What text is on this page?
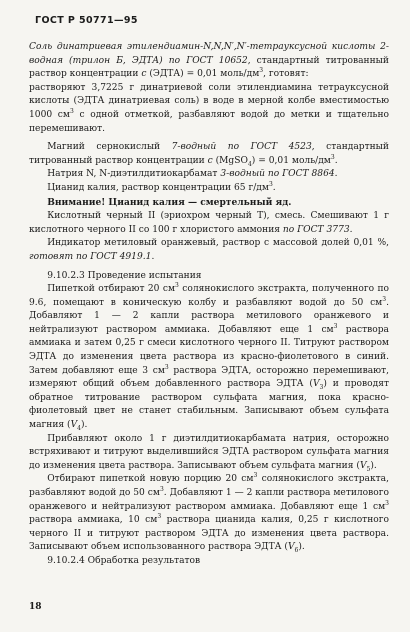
ГОСТ Р 50771—95

Соль динатриевая этилендиамин-N,N,N′,N′-тетрауксусной кислоты 2-водная (трилон Б, ЭДТА) по ГОСТ 10652, стандартный титрованный раствор концентрации c (ЭДТА) = 0,01 моль/$дм^3$, готовят:

растворяют 3,7225 г динатриевой соли этилендиамина тетрауксусной кислоты (ЭДТА динатриевая соль) в воде в мерной колбе вместимостью 1000 $см^3$ с одной отметкой, разбавляют водой до метки и тщательно перемешивают.

Магний сернокислый 7-водный по ГОСТ 4523, стандартный титрованный раствор концентрации c (MgSO$_4$) = 0,01 моль/$дм^3$.

Натрия N, N-диэтилдитиокарбамат 3-водный по ГОСТ 8864.

Цианид калия, раствор концентрации 65 $г/дм^3$.

Внимание! Цианид калия — смертельный яд.

Кислотный черный II (эриохром черный Т), смесь. Смешивают 1 г кислотного черного II со 100 г хлористого аммония по ГОСТ 3773.

Индикатор метиловый оранжевый, раствор с массовой долей 0,01 %, готовят по ГОСТ 4919.1.

9.10.2.3 Проведение испытания

Пипеткой отбирают 20 $см^3$ солянокислого экстракта, полученного по 9.6, помещают в коническую колбу и разбавляют водой до 50 $см^3$. Добавляют 1 — 2 капли раствора метилового оранжевого и нейтрализуют раствором аммиака. Добавляют еще 1 $см^3$ раствора аммиака и затем 0,25 г смеси кислотного черного II. Титруют раствором ЭДТА до изменения цвета раствора из красно-фиолетового в синий. Затем добавляют еще 3 $см^3$ раствора ЭДТА, осторожно перемешивают, измеряют общий объем добавленного раствора ЭДТА $(V_3)$ и проводят обратное титрование раствором сульфата магния, пока красно-фиолетовый цвет не станет стабильным. Записывают объем сульфата магния $(V_4)$.

Прибавляют около 1 г диэтилдитиокарбамата натрия, осторожно встряхивают и титруют выделившийся ЭДТА раствором сульфата магния до изменения цвета раствора. Записывают объем сульфата магния $(V_5)$.

Отбирают пипеткой новую порцию 20 $см^3$ солянокислого экстракта, разбавляют водой до 50 $см^3$. Добавляют 1 — 2 капли раствора метилового оранжевого и нейтрализуют раствором аммиака. Добавляют еще 1 $см^3$ раствора аммиака, 10 $см^3$ раствора цианида калия, 0,25 г кислотного черного II и титруют раствором ЭДТА до изменения цвета раствора. Записывают объем использованного раствора ЭДТА $(V_6)$.

9.10.2.4 Обработка результатов

18
